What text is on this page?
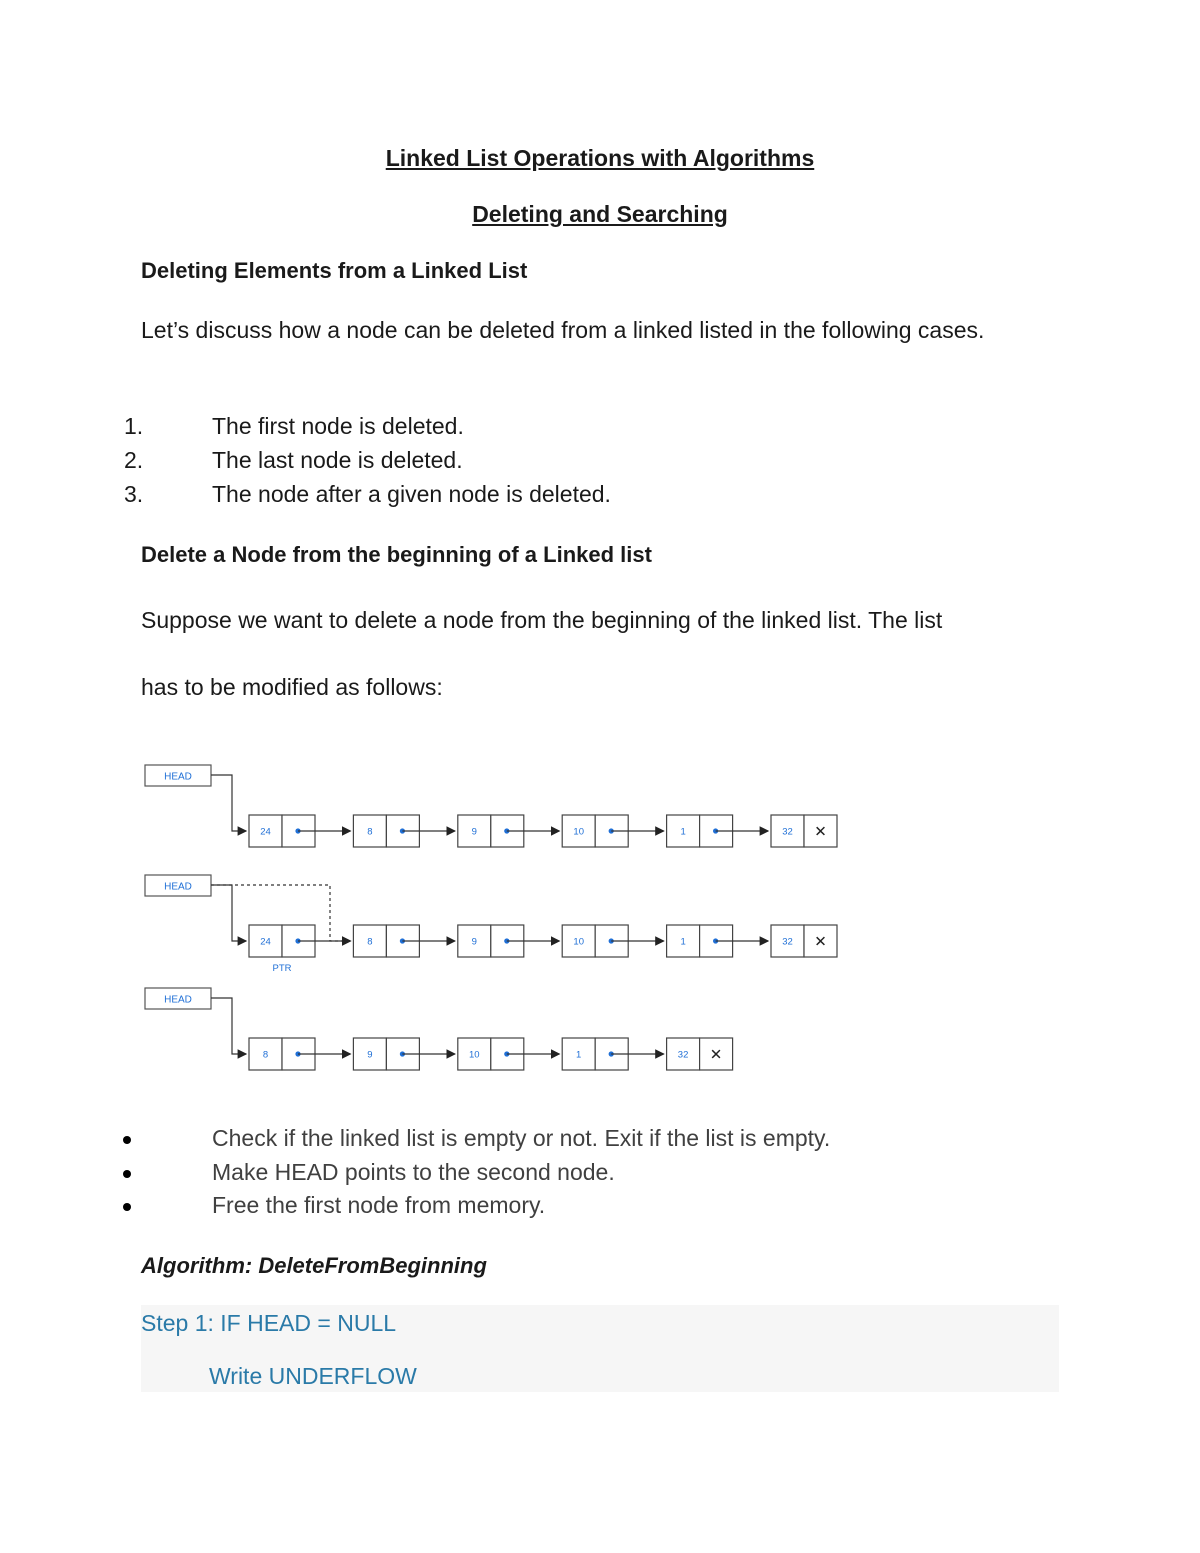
Linked List Operations with Algorithms
Deleting and Searching
Deleting Elements from a Linked List
Let’s discuss how a node can be deleted from a linked listed in the following cases.
1.	The first node is deleted.
2.	The last node is deleted.
3.	The node after a given node is deleted.
Delete a Node from the beginning of a Linked list
Suppose we want to delete a node from the beginning of the linked list. The list
has to be modified as follows:
HEAD
24	8	9	10	1	32 ✕
HEAD
24	8	9	10	1	32 ✕
PTR
HEAD
8	9	10	1	32 ✕
Check if the linked list is empty or not. Exit if the list is empty.
Make HEAD points to the second node.
Free the first node from memory.
Algorithm: DeleteFromBeginning
Step 1: IF HEAD = NULL
Write UNDERFLOW
